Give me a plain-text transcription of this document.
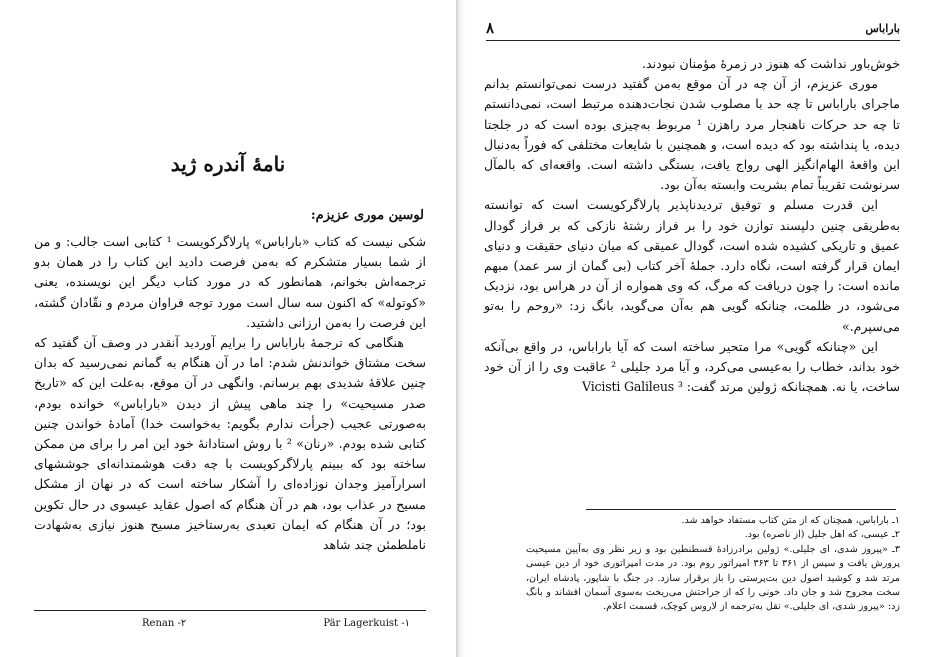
نامهٔ آندره ژید
لوسین موری عزیزم:

شکی نیست که کتاب «باراباس» پارلاگرکویست ¹ کتابی است جالب: و من از شما بسیار متشکرم که به‌من فرصت دادید این کتاب را در همان بدو ترجمه‌اش بخوانم، همانطور که در مورد کتاب دیگر این نویسنده، یعنی «کوتوله» که اکنون سه سال است مورد توجه فراوان مردم و نقّادان گشته، این فرصت را به‌من ارزانی داشتید.

هنگامی که ترجمهٔ باراباس را برایم آوردید آنقدر در وصف آن گفتید که سخت مشتاق خواندنش شدم: اما در آن هنگام به گمانم نمی‌رسید که بدان چنین علاقهٔ شدیدی بهم برسانم. وانگهی در آن موقع، به‌علت این که «تاریخ صدر مسیحیت» را چند ماهی پیش از دیدن «باراباس» خوانده بودم، به‌صورتی عجیب (جرأت ندارم بگویم: به‌خواست خدا) آمادهٔ خواندن چنین کتابی شده بودم. «رنان» ² با روش استادانهٔ خود این امر را برای من ممکن ساخته بود که ببینم پارلاگرکویست با چه دقت هوشمندانه‌ای جوششهای اسرارآمیز وجدان نوزاده‌ای را آشکار ساخته است که در نهان از مشکل مسیح در عذاب بود، هم در آن هنگام که اصول عقاید عیسوی در حال تکوین بود؛ در آن هنگام که ایمان تعبدی به‌رستاخیز مسیح هنوز نیازی به‌شهادت ناملطمئن چند شاهد

Pär Lagerkuist -۱
Renan -۲
باراباس
۸

خوش‌باور نداشت که هنوز در زمرهٔ مؤمنان نبودند.

موری عزیزم، از آن چه در آن موقع به‌من گفتید درست نمی‌توانستم بدانم ماجرای باراباس تا چه حد با مصلوب شدن نجات‌دهنده مرتبط است، نمی‌دانستم تا چه حد حرکات ناهنجار مرد راهزن ¹ مربوط به‌چیزی بوده است که در جلجتا دیده، یا پنداشته بود که دیده است، و همچنین با شایعات مختلفی که فوراً به‌دنبال این واقعهٔ الهام‌انگیز الهی رواج یافت، بستگی داشته است. واقعه‌ای که بالمآل سرنوشت تقریباً تمام بشریت وابسته به‌آن بود.

این قدرت مسلم و توفیق تردیدناپذیر پارلاگرکویست است که توانسته به‌طریقی چنین دلپسند توازن خود را بر فراز رشتهٔ نازکی که بر فراز گودال عمیق و تاریکی کشیده شده است، گودال عمیقی که میان دنیای حقیقت و دنیای ایمان قرار گرفته است، نگاه دارد. جملهٔ آخر کتاب (بی گمان از سر عمد) مبهم مانده است: را چون دریافت که مرگ، که وی همواره از آن در هراس بود، نزدیک می‌شود، در ظلمت، چنانکه گویی هم به‌آن می‌گوید، بانگ زد: «روحم را به‌تو می‌سپرم.»

این «چنانکه گویی» مرا متحیر ساخته است که آیا باراباس، در واقع بی‌آنکه خود بداند، خطاب را به‌عیسی می‌کرد، و آیا مرد جلیلی ² عاقبت وی را از آن خود ساخت، یا نه. همچنانکه ژولین مرتد گفت: Vicisti Galileus ³

۱ـ باراباس، همچنان که از متن کتاب مستفاد خواهد شد.

۲ـ عیسی، که اهل جلیل (از ناصره) بود.

۳ـ «پیروز شدی، ای جلیلی.» ژولین برادرزادهٔ قسطنطین بود و زیر نظر وی به‌آیین مسیحیت پرورش یافت و سپس از ۳۶۱ تا ۳۶۳ امپراتور روم بود. در مدت امپراتوری خود از دین عیسی مرتد شد و کوشید اصول دین بت‌پرستی را باز برقرار سازد. در جنگ با شاپور، پادشاه ایران، سخت مجروح شد و جان داد. خونی را که از جراحتش می‌ریخت به‌سوی آسمان افشاند و بانگ زد: «پیروز شدی، ای جلیلی.» نقل به‌ترجمه از لاروس کوچک، قسمت اعلام.
